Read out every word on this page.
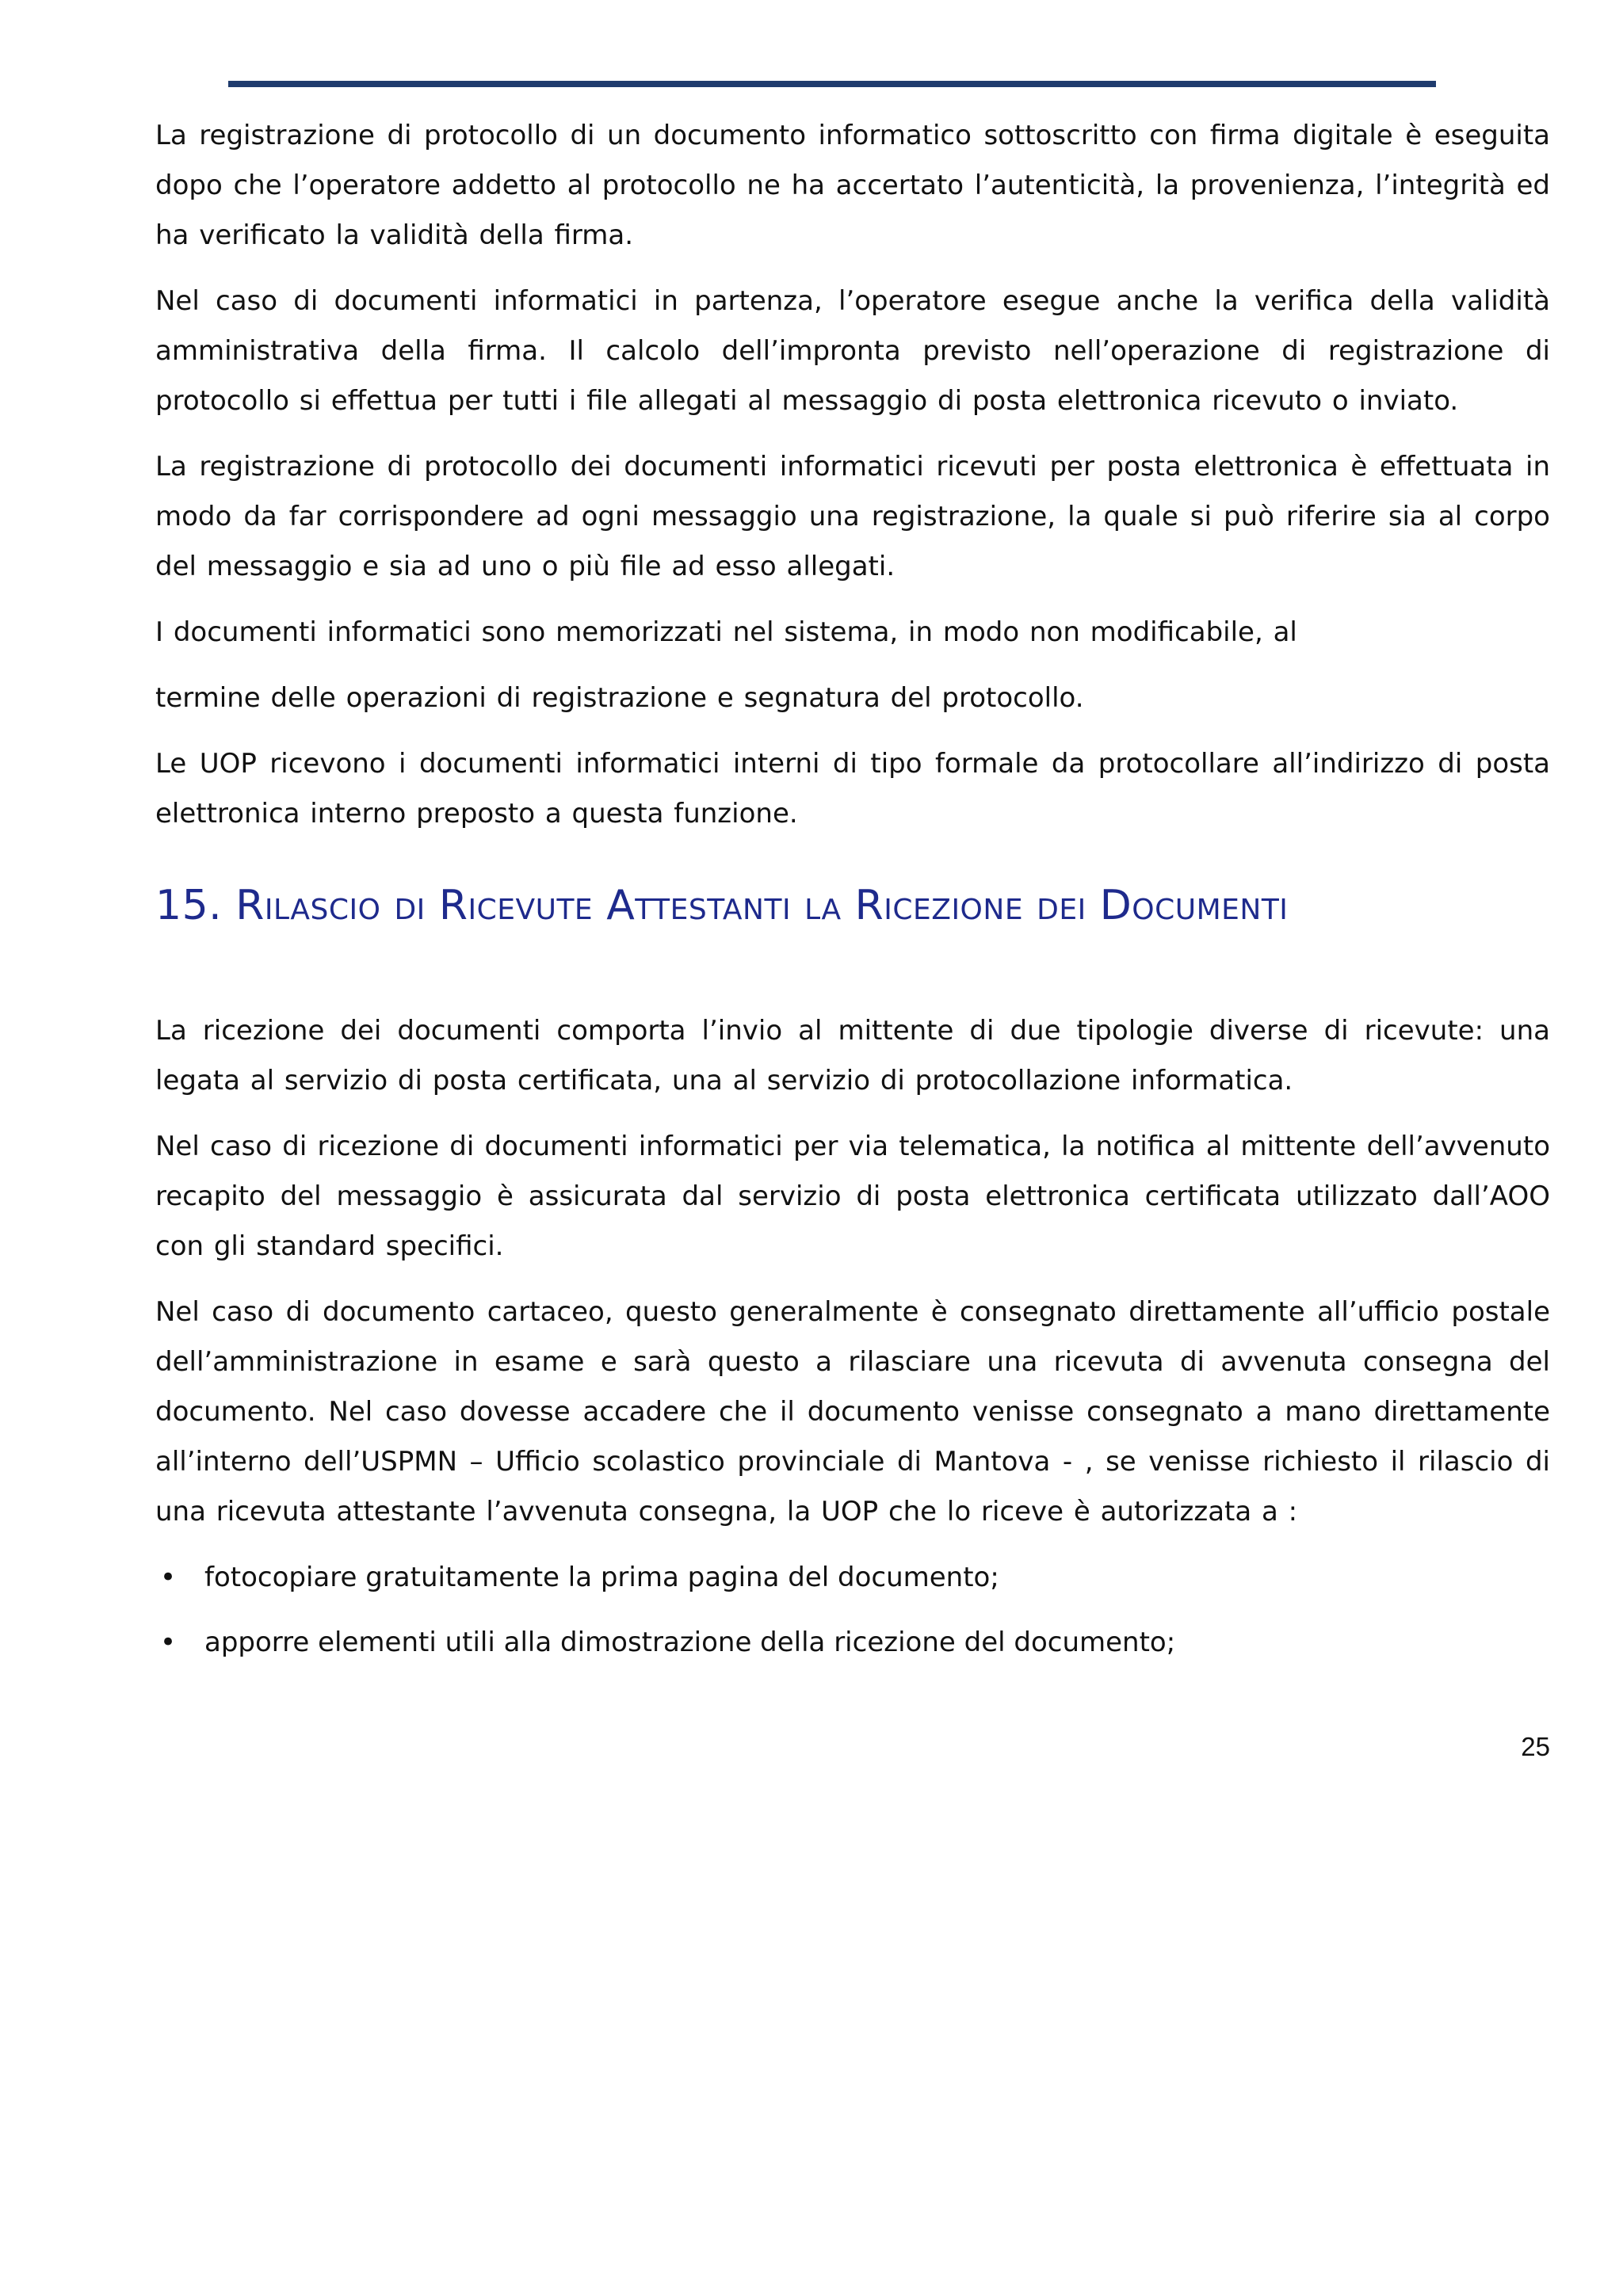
La registrazione di protocollo di un documento informatico sottoscritto con firma digitale è eseguita dopo che l’operatore addetto al protocollo ne ha accertato l’autenticità, la provenienza, l’integrità ed ha verificato la validità della firma.

Nel caso di documenti informatici in partenza, l’operatore esegue anche la verifica della validità amministrativa della firma. Il calcolo dell’impronta previsto nell’operazione di registrazione di protocollo si effettua per tutti i file allegati al messaggio di posta elettronica ricevuto o inviato.

La registrazione di protocollo dei documenti informatici ricevuti per posta elettronica è effettuata in modo da far corrispondere ad ogni messaggio una registrazione, la quale si può riferire sia al corpo del messaggio e sia ad uno o più file ad esso allegati.

I documenti informatici sono memorizzati nel sistema, in modo non modificabile, al

termine delle operazioni di registrazione e segnatura del protocollo.

Le UOP ricevono i documenti informatici interni di tipo formale da protocollare all’indirizzo di posta elettronica interno preposto a questa funzione.

15. Rilascio di Ricevute Attestanti la Ricezione dei Documenti

La ricezione dei documenti comporta l’invio al mittente di due tipologie diverse di ricevute: una legata al servizio di posta certificata, una al servizio di protocollazione informatica.

Nel caso di ricezione di documenti informatici per via telematica, la notifica al mittente dell’avvenuto recapito del messaggio è assicurata dal servizio di posta elettronica certificata utilizzato dall’AOO con gli standard specifici.

Nel caso di documento cartaceo, questo generalmente è consegnato direttamente all’ufficio postale dell’amministrazione in esame e sarà questo a rilasciare una ricevuta di avvenuta consegna del documento. Nel caso dovesse accadere che il documento venisse consegnato a mano direttamente all’interno dell’USPMN – Ufficio scolastico provinciale di Mantova - , se venisse richiesto il rilascio di una ricevuta attestante l’avvenuta consegna, la UOP che lo riceve è autorizzata a :

• fotocopiare gratuitamente la prima pagina del documento;
• apporre elementi utili alla dimostrazione della ricezione del documento;
25
